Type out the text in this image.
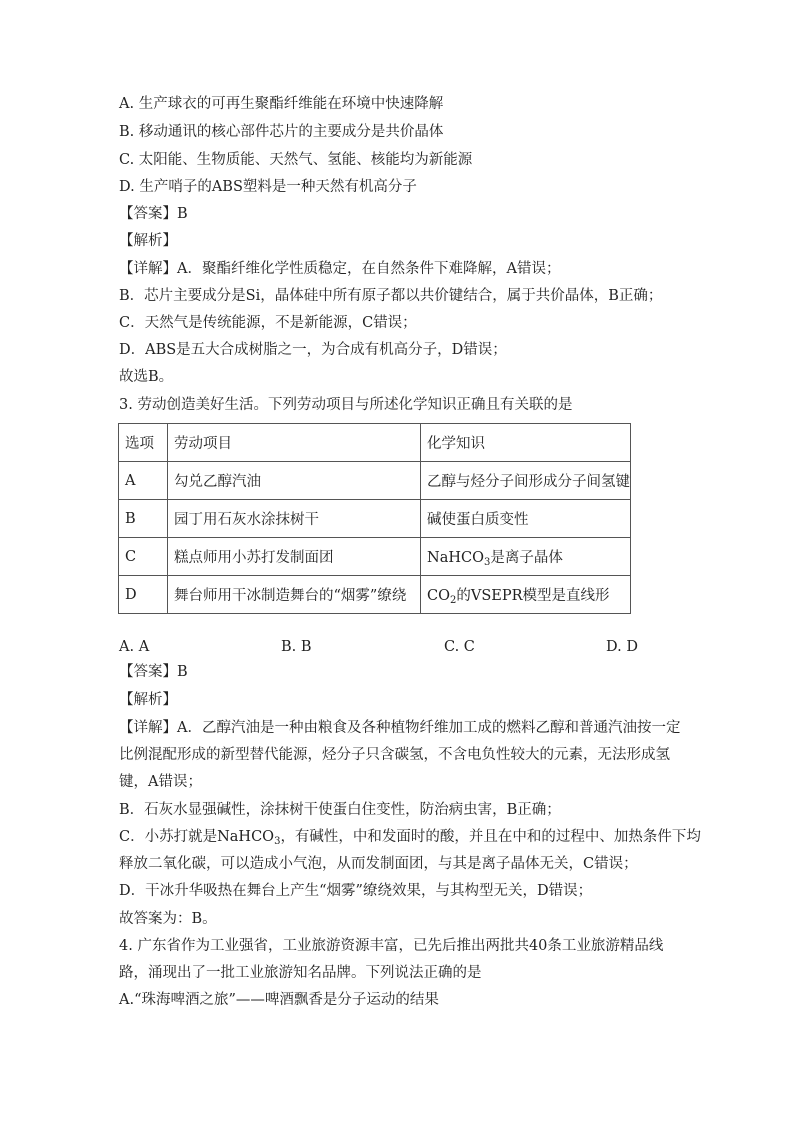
A. 生产球衣的可再生聚酯纤维能在环境中快速降解
B. 移动通讯的核心部件芯片的主要成分是共价晶体
C. 太阳能、生物质能、天然气、氢能、核能均为新能源
D. 生产哨子的ABS塑料是一种天然有机高分子
【答案】B
【解析】
【详解】A．聚酯纤维化学性质稳定，在自然条件下难降解，A错误；
B．芯片主要成分是Si，晶体硅中所有原子都以共价键结合，属于共价晶体，B正确；
C．天然气是传统能源，不是新能源，C错误；
D．ABS是五大合成树脂之一，为合成有机高分子，D错误；
故选B。
3. 劳动创造美好生活。下列劳动项目与所述化学知识正确且有关联的是
选项	劳动项目	化学知识
A	勾兑乙醇汽油	乙醇与烃分子间形成分子间氢键
B	园丁用石灰水涂抹树干	碱使蛋白质变性
C	糕点师用小苏打发制面团	NaHCO$_3$是离子晶体
D	舞台师用干冰制造舞台的“烟雾”缭绕	$CO_2$的VSEPR模型是直线形
A. A	B. B	C. C	D. D
【答案】B
【解析】
【详解】A．乙醇汽油是一种由粮食及各种植物纤维加工成的燃料乙醇和普通汽油按一定
比例混配形成的新型替代能源，烃分子只含碳氢，不含电负性较大的元素，无法形成氢
键，A错误；
B．石灰水显强碱性，涂抹树干使蛋白住变性，防治病虫害，B正确；
C．小苏打就是NaHCO$_3$，有碱性，中和发面时的酸，并且在中和的过程中、加热条件下均
释放二氧化碳，可以造成小气泡，从而发制面团，与其是离子晶体无关，C错误；
D．干冰升华吸热在舞台上产生“烟雾”缭绕效果，与其构型无关，D错误；
故答案为：B。
4. 广东省作为工业强省，工业旅游资源丰富，已先后推出两批共40条工业旅游精品线
路，涌现出了一批工业旅游知名品牌。下列说法正确的是
A.“珠海啤酒之旅”——啤酒飘香是分子运动的结果
